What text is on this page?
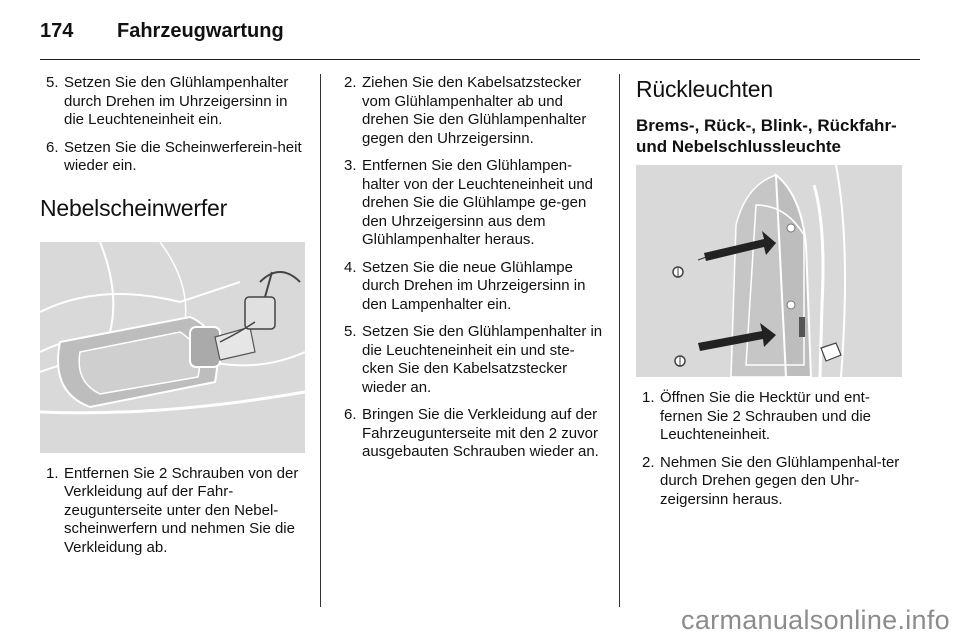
174 Fahrzeugwartung
5. Setzen Sie den Glühlampenhalter durch Drehen im Uhrzeigersinn in die Leuchteneinheit ein.
6. Setzen Sie die Scheinwerferein-heit wieder ein.
Nebelscheinwerfer
1. Entfernen Sie 2 Schrauben von der Verkleidung auf der Fahr-zeugunterseite unter den Nebel-scheinwerfern und nehmen Sie die Verkleidung ab.
2. Ziehen Sie den Kabelsatzstecker vom Glühlampenhalter ab und drehen Sie den Glühlampenhalter gegen den Uhrzeigersinn.
3. Entfernen Sie den Glühlampen-halter von der Leuchteneinheit und drehen Sie die Glühlampe ge-gen den Uhrzeigersinn aus dem Glühlampenhalter heraus.
4. Setzen Sie die neue Glühlampe durch Drehen im Uhrzeigersinn in den Lampenhalter ein.
5. Setzen Sie den Glühlampenhalter in die Leuchteneinheit ein und ste-cken Sie den Kabelsatzstecker wieder an.
6. Bringen Sie die Verkleidung auf der Fahrzeugunterseite mit den 2 zuvor ausgebauten Schrauben wieder an.
Rückleuchten
Brems-, Rück-, Blink-, Rückfahr- und Nebelschlussleuchte
1. Öffnen Sie die Hecktür und ent-fernen Sie 2 Schrauben und die Leuchteneinheit.
2. Nehmen Sie den Glühlampenhal-ter durch Drehen gegen den Uhr-zeigersinn heraus.
carmanualsonline.info
